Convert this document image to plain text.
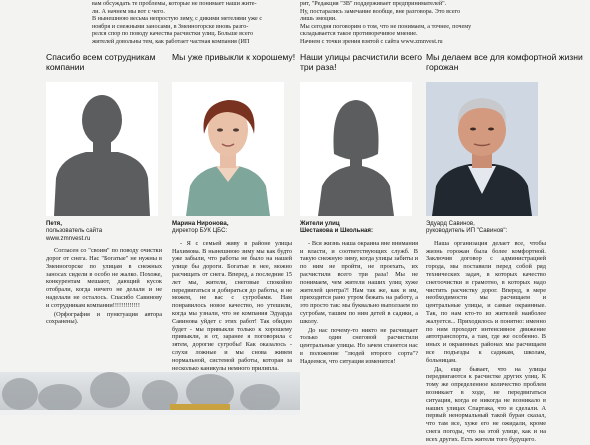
вам обсуждать те проблемы, которые не понимает наши жите-

ли. А начнем мы вот с чего.

В нынешнюю весьма непростую зиму, с дикими метелями уже с

ноября и снежными заносами, в Змеиногорске вновь разго-

релся спор по поводу качества расчистки улиц. Больше всего

жителей довольны тем, как работает частная компания (ИП

рит, "Редакция "ЗВ" поддерживает предпринимателей".

Ну, постарались замечание вообще, вне разговора. Это всего

лишь эмоции.

Мы сегодня поговорим о том, что не понимаем, а точнее, почему

складывается такое противоречивое мнение.

Начнем с точки зрения взятой с сайта www.zmnvest.ru

Спасибо всем сотрудникам компании
Петя,
пользователь сайта
www.zmnvest.ru

Согласен со "своим" по поводу очистки дорог от снега. Нас "Богатые" не нужны в Змеиногорске по улицам в снежных заносах сидели в особо не жалко. Похоже, конкурентам мешают, дающий кусок отобрали, когда ничего не делали и не наделали не осталось. Спасибо Савинову и сотрудникам компании!!!!!!!!!!!!!

(Орфография и пунктуация автора сохранены).

Мы уже привыкли к хорошему!
Марина Ниронова,
директор БУК ЦБС:

- Я с семьей живу в районе улицы Нахимова. В нынешнюю зиму мы как будто уже забыли, что работы не было на нашей улице бы дороги. Богатые в нее, можно расчищать от снега. Вперед, а последние 15 лет мы, жители, снеговые спокойно передвигаться и добираться до работы, и не можем, не вас с сугробами. Нам понравилось новое качество, но утешили, когда мы узнали, что не компания Эдуарда Савинова уйдет с этих работ! Так обидно будет - мы привыкли только к хорошему привыкли, и от, заранее я поговорила с зятем, дорогие сугробы! Как оказалось - слухи ложные и мы снова живем нормальной, системой работы, которая за несколько каникулы немного прилипла.

Наши улицы расчистили всего три раза!
Жители улиц
Шестакова и Школьная:

- Вся жизнь наша окраина вне внимания и власти, и соответствующих служб. В такую снежную зиму, когда улицы забиты и по ним не пройти, не проехать, их расчистили всего три раза! Мы не понимаем, чем жители наших улиц хуже жителей центра?! Нам так же, как и им, приходится рано утром бежать на работу, а это просто так: мы буквально выползаем по сугробам, ташим по ним детей в садики, а школу.

До нас почему-то никто не расчищает только один снеговой расчистили центральные улицы. Но зачем станется нас в положение "людей второго сорта"? Надеемся, что ситуация изменится!

Мы делаем все для комфортной жизни горожан
Эдуард Савинов,
руководитель ИП "Савинов":

Наша организация делает все, чтобы жизнь горожан была более комфортной. Заключив договор с администрацией города, мы поставили перед собой ряд технических задач, в которых качество снегоочистки и грамотно, в которых надо чистить расчистку дорог. Вперед, в мере необходимости мы расчищаем и центральные улицы, и самые окраинные. Так, по нам кто-то из жителей наиболее жалуется... Приходилось и понятно: именно по ним проходит интенсивное движение автотранспорта, а там, где же особенно. В иных и окраинных районах мы расчищаем все подъезды к садикам, школам, больницам.

Да, еще бывает, что на улицы передвигаются к расчистке других улиц. К тому же определенное количество проблем возникает в ходе, не передвигаться ситуация, когда ее никогда не возникало в наших улицах Спартака, что и сделали. А первый ненормальный такой буран сказал, что там все, хуже его не ожидали, кроме снега погоды, что на этой улице, как и на всех других. Есть жители того будущего.
